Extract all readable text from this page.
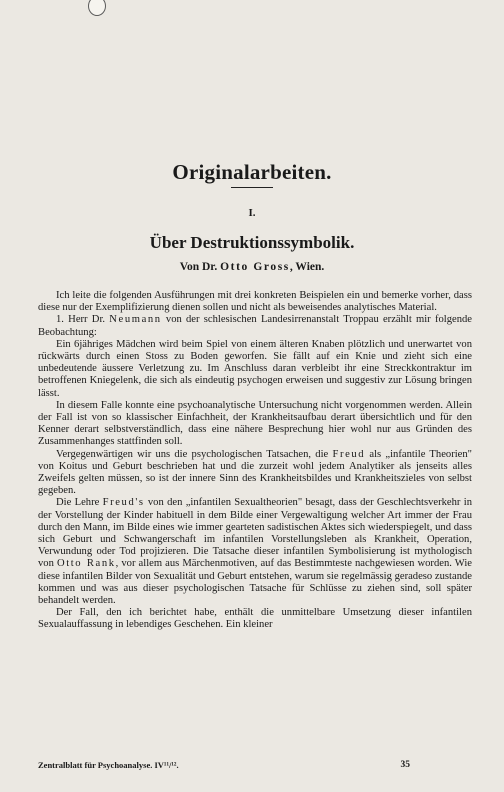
Originalarbeiten.
I.
Über Destruktionssymbolik.
Von Dr. Otto Gross, Wien.

Ich leite die folgenden Ausführungen mit drei konkreten Beispielen ein und bemerke vorher, dass diese nur der Exemplifizierung dienen sollen und nicht als beweisendes analytisches Material.

1. Herr Dr. Neumann von der schlesischen Landesirrenanstalt Troppau erzählt mir folgende Beobachtung:

Ein 6jähriges Mädchen wird beim Spiel von einem älteren Knaben plötzlich und unerwartet von rückwärts durch einen Stoss zu Boden geworfen. Sie fällt auf ein Knie und zieht sich eine unbedeutende äussere Verletzung zu. Im Anschluss daran verbleibt ihr eine Streckkontraktur im betroffenen Kniegelenk, die sich als eindeutig psychogen erweisen und suggestiv zur Lösung bringen lässt.

In diesem Falle konnte eine psychoanalytische Untersuchung nicht vorgenommen werden. Allein der Fall ist von so klassischer Einfachheit, der Krankheitsaufbau derart übersichtlich und für den Kenner derart selbstverständlich, dass eine nähere Besprechung hier wohl nur aus Gründen des Zusammenhanges stattfinden soll.

Vergegenwärtigen wir uns die psychologischen Tatsachen, die Freud als „infantile Theorien" von Koitus und Geburt beschrieben hat und die zurzeit wohl jedem Analytiker als jenseits alles Zweifels gelten müssen, so ist der innere Sinn des Krankheitsbildes und Krankheitszieles von selbst gegeben.

Die Lehre Freud's von den „infantilen Sexualtheorien" besagt, dass der Geschlechtsverkehr in der Vorstellung der Kinder habituell in dem Bilde einer Vergewaltigung welcher Art immer der Frau durch den Mann, im Bilde eines wie immer gearteten sadistischen Aktes sich wiederspiegelt, und dass sich Geburt und Schwangerschaft im infantilen Vorstellungsleben als Krankheit, Operation, Verwundung oder Tod projizieren. Die Tatsache dieser infantilen Symbolisierung ist mythologisch von Otto Rank, vor allem aus Märchenmotiven, auf das Bestimmteste nachgewiesen worden. Wie diese infantilen Bilder von Sexualität und Geburt entstehen, warum sie regelmässig geradeso zustande kommen und was aus dieser psychologischen Tatsache für Schlüsse zu ziehen sind, soll später behandelt werden.

Der Fall, den ich berichtet habe, enthält die unmittelbare Umsetzung dieser infantilen Sexualauffassung in lebendiges Geschehen. Ein kleiner

Zentralblatt für Psychoanalyse. IV¹¹/¹².	35
